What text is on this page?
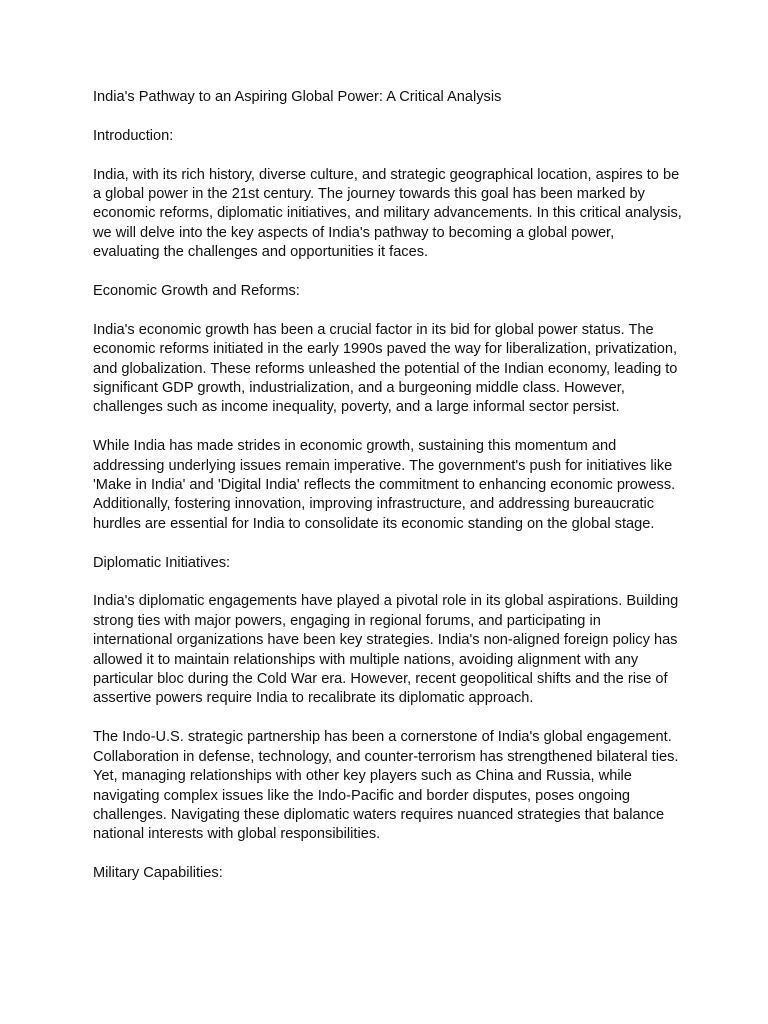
India's Pathway to an Aspiring Global Power: A Critical Analysis

Introduction:

India, with its rich history, diverse culture, and strategic geographical location, aspires to be a global power in the 21st century. The journey towards this goal has been marked by economic reforms, diplomatic initiatives, and military advancements. In this critical analysis, we will delve into the key aspects of India's pathway to becoming a global power, evaluating the challenges and opportunities it faces.

Economic Growth and Reforms:

India's economic growth has been a crucial factor in its bid for global power status. The economic reforms initiated in the early 1990s paved the way for liberalization, privatization, and globalization. These reforms unleashed the potential of the Indian economy, leading to significant GDP growth, industrialization, and a burgeoning middle class. However, challenges such as income inequality, poverty, and a large informal sector persist.

While India has made strides in economic growth, sustaining this momentum and addressing underlying issues remain imperative. The government's push for initiatives like 'Make in India' and 'Digital India' reflects the commitment to enhancing economic prowess. Additionally, fostering innovation, improving infrastructure, and addressing bureaucratic hurdles are essential for India to consolidate its economic standing on the global stage.

Diplomatic Initiatives:

India's diplomatic engagements have played a pivotal role in its global aspirations. Building strong ties with major powers, engaging in regional forums, and participating in international organizations have been key strategies. India's non-aligned foreign policy has allowed it to maintain relationships with multiple nations, avoiding alignment with any particular bloc during the Cold War era. However, recent geopolitical shifts and the rise of assertive powers require India to recalibrate its diplomatic approach.

The Indo-U.S. strategic partnership has been a cornerstone of India's global engagement. Collaboration in defense, technology, and counter-terrorism has strengthened bilateral ties. Yet, managing relationships with other key players such as China and Russia, while navigating complex issues like the Indo-Pacific and border disputes, poses ongoing challenges. Navigating these diplomatic waters requires nuanced strategies that balance national interests with global responsibilities.

Military Capabilities:
